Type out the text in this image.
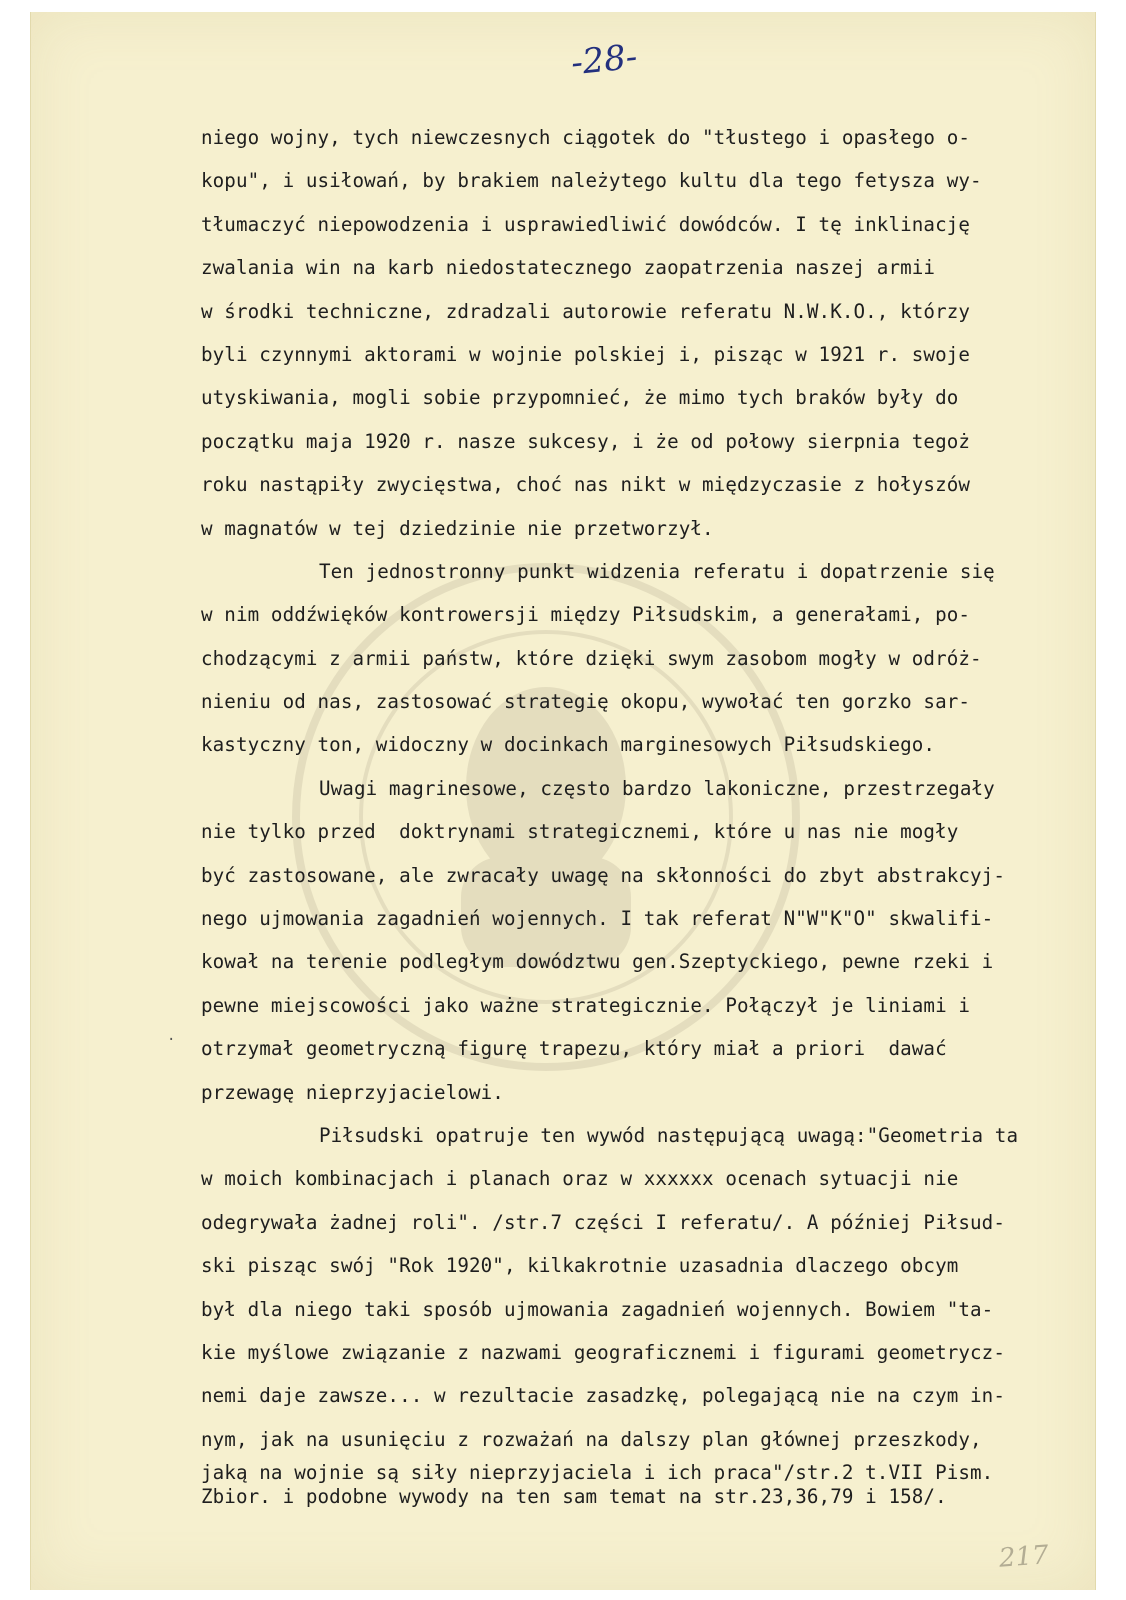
-28-
niego wojny, tych niewczesnych ciągotek do "tłustego i opasłego o-
kopu", i usiłowań, by brakiem należytego kultu dla tego fetysza wy-
tłumaczyć niepowodzenia i usprawiedliwić dowódców. I tę inklinację
zwalania win na karb niedostatecznego zaopatrzenia naszej armii
w środki techniczne, zdradzali autorowie referatu N.W.K.O., którzy
byli czynnymi aktorami w wojnie polskiej i, pisząc w 1921 r. swoje
utyskiwania, mogli sobie przypomnieć, że mimo tych braków były do
początku maja 1920 r. nasze sukcesy, i że od połowy sierpnia tegoż
roku nastąpiły zwycięstwa, choć nas nikt w międzyczasie z hołyszów
w magnatów w tej dziedzinie nie przetworzył.
Ten jednostronny punkt widzenia referatu i dopatrzenie się
w nim oddźwięków kontrowersji między Piłsudskim, a generałami, po-
chodzącymi z armii państw, które dzięki swym zasobom mogły w odróż-
nieniu od nas, zastosować strategię okopu, wywołać ten gorzko sar-
kastyczny ton, widoczny w docinkach marginesowych Piłsudskiego.
Uwagi magrinesowe, często bardzo lakoniczne, przestrzegały
nie tylko przed  doktrynami strategicznemi, które u nas nie mogły
być zastosowane, ale zwracały uwagę na skłonności do zbyt abstrakcyj-
nego ujmowania zagadnień wojennych. I tak referat N"W"K"O" skwalifi-
kował na terenie podległym dowództwu gen.Szeptyckiego, pewne rzeki i
pewne miejscowości jako ważne strategicznie. Połączył je liniami i
otrzymał geometryczną figurę trapezu, który miał a priori  dawać
przewagę nieprzyjacielowi.
Piłsudski opatruje ten wywód następującą uwagą:"Geometria ta
w moich kombinacjach i planach oraz w xxxxxx ocenach sytuacji nie
odegrywała żadnej roli". /str.7 części I referatu/. A później Piłsud-
ski pisząc swój "Rok 1920", kilkakrotnie uzasadnia dlaczego obcym
był dla niego taki sposób ujmowania zagadnień wojennych. Bowiem "ta-
kie myślowe związanie z nazwami geograficznemi i figurami geometrycz-
nemi daje zawsze... w rezultacie zasadzkę, polegającą nie na czym in-
nym, jak na usunięciu z rozważań na dalszy plan głównej przeszkody,
jaką na wojnie są siły nieprzyjaciela i ich praca"/str.2 t.VII Pism.
Zbior. i podobne wywody na ten sam temat na str.23,36,79 i 158/.
·
217
